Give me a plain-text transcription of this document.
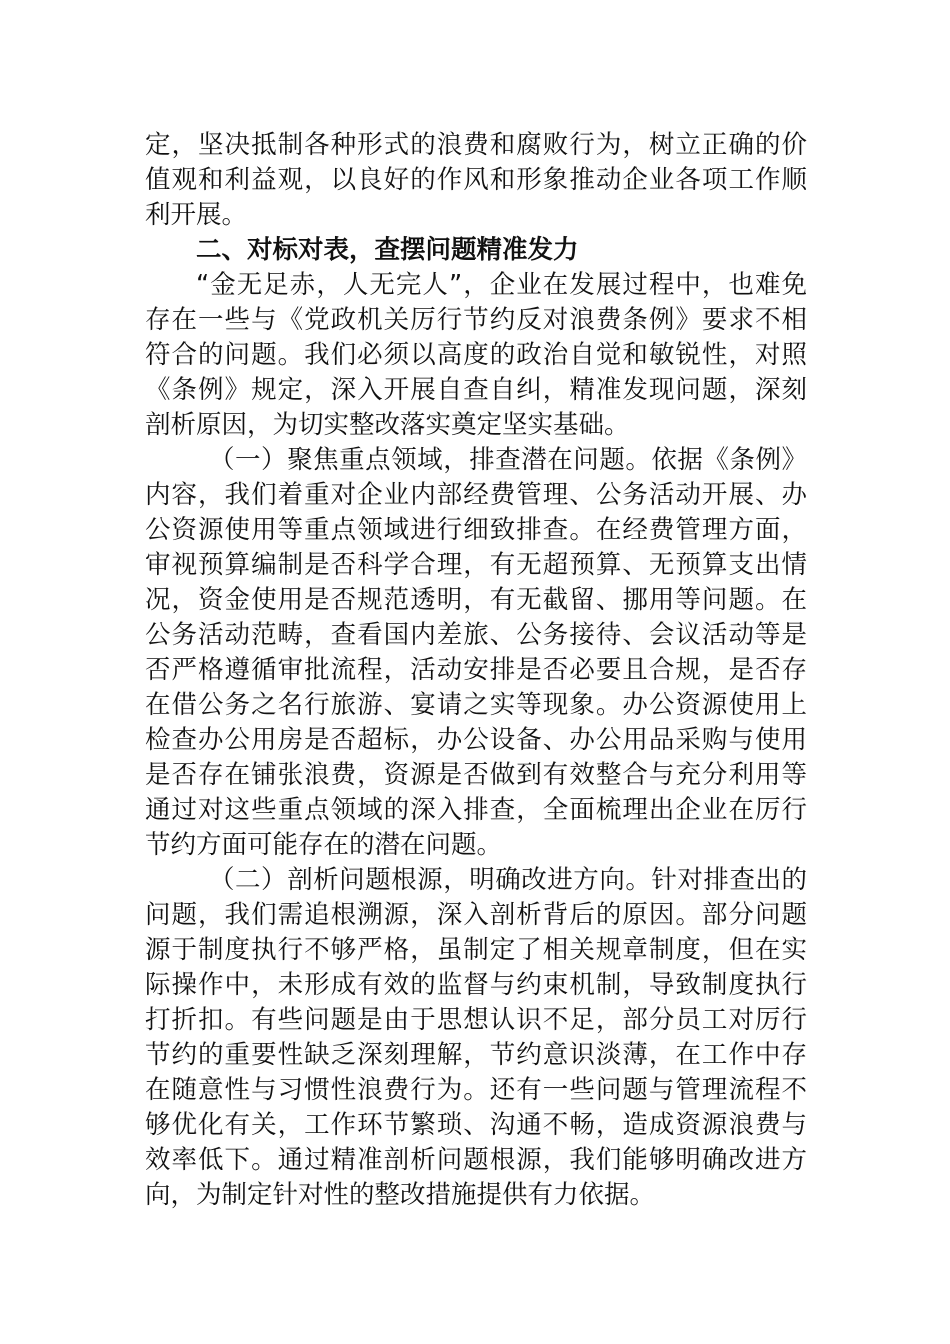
定，坚决抵制各种形式的浪费和腐败行为，树立正确的价值观和利益观，以良好的作风和形象推动企业各项工作顺利开展。

二、对标对表，查摆问题精准发力

“金无足赤，人无完人”，企业在发展过程中，也难免存在一些与《党政机关厉行节约反对浪费条例》要求不相符合的问题。我们必须以高度的政治自觉和敏锐性，对照《条例》规定，深入开展自查自纠，精准发现问题，深刻剖析原因，为切实整改落实奠定坚实基础。

（一）聚焦重点领域，排查潜在问题。依据《条例》内容，我们着重对企业内部经费管理、公务活动开展、办公资源使用等重点领域进行细致排查。在经费管理方面，审视预算编制是否科学合理，有无超预算、无预算支出情况，资金使用是否规范透明，有无截留、挪用等问题。在公务活动范畴，查看国内差旅、公务接待、会议活动等是否严格遵循审批流程，活动安排是否必要且合规，是否存在借公务之名行旅游、宴请之实等现象。办公资源使用上检查办公用房是否超标，办公设备、办公用品采购与使用是否存在铺张浪费，资源是否做到有效整合与充分利用等通过对这些重点领域的深入排查，全面梳理出企业在厉行节约方面可能存在的潜在问题。

（二）剖析问题根源，明确改进方向。针对排查出的问题，我们需追根溯源，深入剖析背后的原因。部分问题源于制度执行不够严格，虽制定了相关规章制度，但在实际操作中，未形成有效的监督与约束机制，导致制度执行打折扣。有些问题是由于思想认识不足，部分员工对厉行节约的重要性缺乏深刻理解，节约意识淡薄，在工作中存在随意性与习惯性浪费行为。还有一些问题与管理流程不够优化有关，工作环节繁琐、沟通不畅，造成资源浪费与效率低下。通过精准剖析问题根源，我们能够明确改进方向，为制定针对性的整改措施提供有力依据。
